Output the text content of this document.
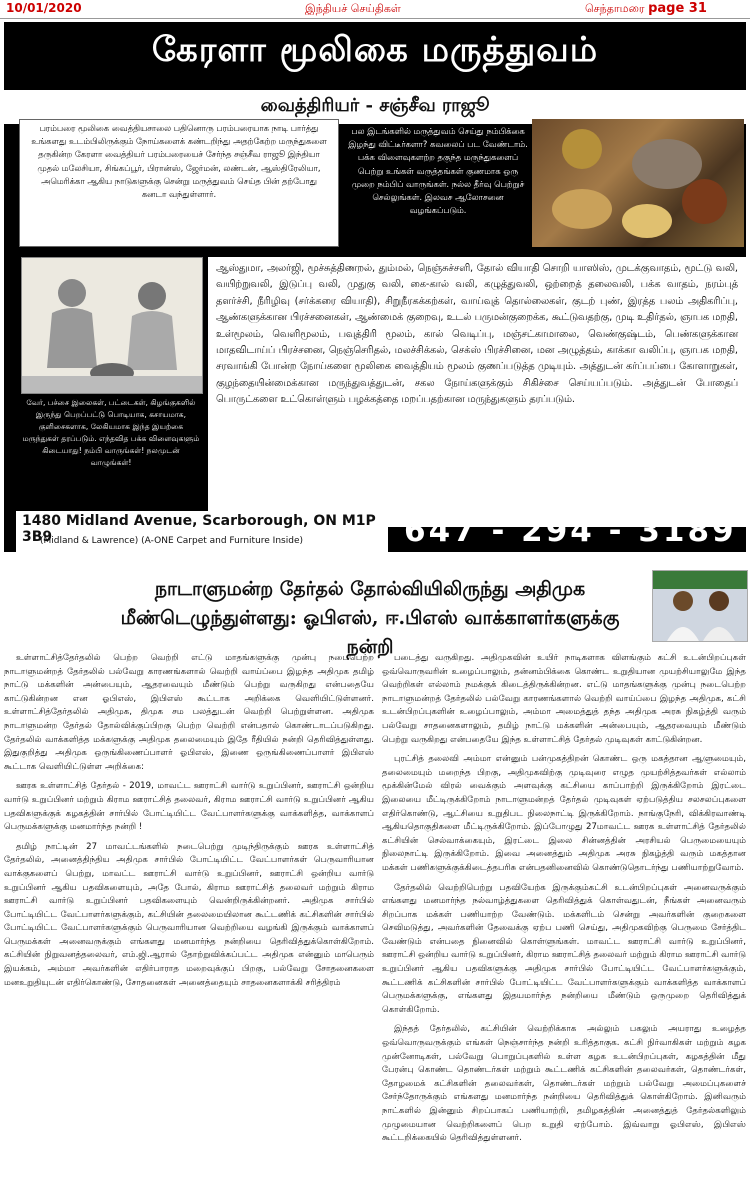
10/01/2020	இந்தியச் செய்திகள்	செந்தாமரை page 31
கேரளா மூலிகை மருத்துவம்
வைத்திரியர் - சஞ்சீவ ராஜூ
பரம்பரை மூலிகை வைத்தியசாலை பதினொரு பரம்பரையாக நாடி பார்த்து உங்களது உடம்பிலிருக்கும் நோய்களைக் கண்டறிந்து அதற்கேற்ற மருந்துகளை தருகின்ற கேரளா வைத்தியர் பரம்பரையைச் சேர்ந்த சஞ்சீவ ராஜூ இந்தியா முதல் மலேசியா, சிங்கப்பூர், பிரான்ஸ், ஜேர்மன், லண்டன், ஆஸ்திரேலியா, அமெரிக்கா ஆகிய நாடுகளுக்கு சென்று மருத்துவம் செய்த பின் தற்போது கனடா வந்துள்ளார்.
பல இடங்களில் மருத்துவம் செய்து நம்பிக்கை இழந்து விட்டீர்களா? கவலைப் பட வேண்டாம். பக்க விளைவுகளற்ற தகுந்த மருந்துகளைப் பெற்று உங்கள் வருத்தங்கள் குணமாக ஒரு முறை நம்பிப் வாருங்கள். நல்ல தீர்வு பெற்றுச் செல்லுங்கள். இலவச ஆலோசனை வழங்கப்படும்.
வேர், பச்சை இலைகள், பட்டைகள், கிழங்குகளில் இருந்து பெறப்பட்டு பொடியாக, கசாயமாக, குளிசைகளாக, லேகியமாக இந்த இயற்கை மருந்துகள் தரப்படும். எந்தவித பக்க விளைவுகளும் கிடையாது! நம்பி வாருங்கள்! நலமுடன் வாழுங்கள்!
ஆஸ்துமா, அலர்ஜி, மூச்சுத்திணறல், தும்மல், நெஞ்சுச்சளி, தோல் வியாதி சொறி யாஸிஸ், முடக்குவாதம், மூட்டு வலி, வயிற்றுவலி, இடுப்பு வலி, முதுகு வலி, கை-கால் வலி, கழுத்துவலி, ஒற்றைத் தலைவலி, பக்க வாதம், நரம்புத் தளர்ச்சி, நீரிழிவு (சர்க்கரை வியாதி), சிறுநீரகக்கற்கள், வாய்வுத் தொல்லைகள், குடற் புண், இரத்த பலம் அதிகரிப்பு, ஆண்களுக்கான பிரச்சனைகள், ஆண்மைக் குறைவு, உடல் பருமன்குறைக்க, கூட்டுவதற்கு, முடி உதிர்தல், ஞாபக மறதி, உள்மூலம், வெளிமூலம், பவுத்திரி மூலம், கால் வெடிப்பு, மஞ்சட்காமாலை, வெண்குஷ்டம், பெண்களுக்கான மாதவிடாய்ப் பிரச்சனை, நெஞ்செரிதல், மலச்சிக்கல், செக்ஸ் பிரச்சினை, மன அழுத்தம், காக்கா வலிப்பு, ஞாபக மறதி, சரவாங்கி போன்ற நோய்களை மூலிகை வைத்தியம் மூலம் குணப்படுத்த முடியும். அத்துடன் கர்ப்பப்பை கோளாறுகள், குழந்தையின்மைக்கான மருந்துவத்துடன், சகல நோய்களுக்கும் சிகிச்சை செய்யப்படும். அத்துடன் போதைப் பொருட்களை உட்கொள்ளும் பழக்கத்தை மறப்பதற்கான மருந்துகளும் தரப்படும்.
1480 Midland Avenue, Scarborough, ON M1P 3B9
(Midland & Lawrence) (A-ONE Carpet and Furniture Inside)	647 - 294 - 3189
நாடாளுமன்ற தேர்தல் தோல்வியிலிருந்து அதிமுக
மீண்டெழுந்துள்ளது: ஓபிஎஸ், ஈ.பிஎஸ் வாக்காளர்களுக்கு நன்றி

உள்ளாட்சித்தேர்தலில் பெற்ற வெற்றி எட்டு மாதங்களுக்கு முன்பு நடைபெற்ற நாடாளுமன்றத் தேர்தலில் பல்வேறு காரணங்களால் வெற்றி வாய்ப்பை இழந்த அதிமுக தமிழ் நாட்டு மக்களின் அன்பையும், ஆதரவையும் மீண்டும் பெற்று வருகிறது என்பதையே காட்டுகின்றன என ஓபிஎஸ், இபிஎஸ் கூட்டாக அறிக்கை வெளியிட்டுள்ளனர். உள்ளாட்சித்தேர்தலில் அதிமுக, திமுக சம பலத்துடன் வெற்றி பெற்றுள்ளன. அதிமுக நாடாளுமன்ற தேர்தல் தோல்விக்குப்பிறகு பெற்ற வெற்றி என்பதால் கொண்டாடப்படுகிறது. தேர்தலில் வாக்களித்த மக்களுக்கு அதிமுக தலைமையும் இதே ரீதியில் நன்றி தெரிவித்துள்ளது. இதுகுறித்து அதிமுக ஒருங்கிணைப்பாளர் ஓபிஎஸ், இணை ஒருங்கிணைப்பாளர் இபிஎஸ் கூட்டாக வெளியிட்டுள்ள அறிக்கை:

ஊரக உள்ளாட்சித் தேர்தல் - 2019, மாவட்ட ஊராட்சி வார்டு உறுப்பினர், ஊராட்சி ஒன்றிய வார்டு உறுப்பினர் மற்றும் கிராம ஊராட்சித் தலைவர், கிராம ஊராட்சி வார்டு உறுப்பினர் ஆகிய பதவிகளுக்குக் கழகத்தின் சார்பில் போட்டியிட்ட வேட்பாளர்களுக்கு வாக்களித்த, வாக்காளப் பெருமக்களுக்கு மனமார்ந்த நன்றி !

தமிழ் நாட்டின் 27 மாவட்டங்களில் நடைபெற்று முடிந்திருக்கும் ஊரக உள்ளாட்சித் தேர்தலில், அனைத்திந்திய அதிமுக சார்பில் போட்டியிட்ட வேட்பாளர்கள் பெருவாரியான வாக்குகளைப் பெற்று, மாவட்ட ஊராட்சி வார்டு உறுப்பினர், ஊராட்சி ஒன்றிய வார்டு உறுப்பினர் ஆகிய பதவிகளையும், அதே போல், கிராம ஊராட்சித் தலைவர் மற்றும் கிராம ஊராட்சி வார்டு உறுப்பினர் பதவிகளையும் வென்றிருக்கின்றனர். அதிமுக சார்பில் போட்டியிட்ட வேட்பாளர்களுக்கும், கட்சியின் தலைமையிலான கூட்டணிக் கட்சிகளின் சார்பில் போட்டியிட்ட வேட்பாளர்களுக்கும் பெருவாரியான வெற்றியை வழங்கி இருக்கும் வாக்காளப் பெருமக்கள் அனைவருக்கும் எங்களது மனமார்ந்த நன்றியை தெரிவித்துக்கொள்கிறோம். கட்சியின் நிறுவனத்தலைவர், எம்.ஜி.ஆரால் தோற்றுவிக்கப்பட்ட அதிமுக என்னும் மாபெரும் இயக்கம், அம்மா அவர்களின் எதிர்பாராத மறைவுக்குப் பிறகு, பல்வேறு சோதனைகளை மனஉறுதியுடன் எதிர்கொண்டு, சோதனைகள் அனைத்தையும் சாதனைகளாக்கி சரித்திரம்

படைத்து வருகிறது. அதிமுகவின் உயிர் நாடிகளாக விளங்கும் கட்சி உடன்பிறப்புகள் ஒவ்வொருவரின் உழைப்பாலும், தன்னம்பிக்கை கொண்ட உறுதியான முயற்சியாலுமே இந்த வெற்றிகள் எல்லாம் நமக்குக் கிடைத்திருக்கின்றன. எட்டு மாதங்களுக்கு முன்பு நடைபெற்ற நாடாளுமன்றத் தேர்தலில் பல்வேறு காரணங்களால் வெற்றி வாய்ப்பை இழந்த அதிமுக, கட்சி உடன்பிறப்புகளின் உழைப்பாலும், அம்மா அமைத்துத் தந்த அதிமுக அரசு நிகழ்த்தி வரும் பல்வேறு சாதனைகளாலும், தமிழ் நாட்டு மக்களின் அன்பையும், ஆதரவையும் மீண்டும் பெற்று வருகிறது என்பதையே இந்த உள்ளாட்சித் தேர்தல் முடிவுகள் காட்டுகின்றன.

புரட்சித் தலைவி அம்மா என்னும் பன்முகத்திறன் கொண்ட ஒரு மகத்தான ஆளுமையும், தலைமையும் மறைந்த பிறகு, அதிமுகவிற்கு முடிவுரை எழுத முயற்சித்தவர்கள் எல்லாம் மூக்கின்மேல் விரல் வைக்கும் அளவுக்கு கட்சியை காப்பாற்றி இருக்கிறோம் இரட்டை இலையை மீட்டிருக்கிறோம் நாடாளுமன்றத் தேர்தல் முடிவுகள் ஏற்படுத்திய சலசலப்புகளை எதிர்கொண்டு, ஆட்சியை உறுதிபட நிலைநாட்டி இருக்கிறோம். நாங்குநேரி, விக்கிரவாண்டி ஆகியதொகுதிகளை மீட்டிருக்கிறோம். இப்போழுது 27மாவட்ட ஊரக உள்ளாட்சித் தேர்தலில் கட்சியின் செல்வாக்கையும், இரட்டை இலை சின்னத்தின் அரசியல் பெருமையையும் நிலைநாட்டி இருக்கிறோம். இவை அனைத்தும் அதிமுக அரசு நிகழ்த்தி வரும் மகத்தான மக்கள் பணிகளுக்குக்கிடைத்தபரிசு என்பதனினைவில் கொண்டுதொடர்ந்து பணியாற்றுவோம்.

தேர்தலில் வெற்றிபெற்று பதவியேற்க இருக்கும்கட்சி உடன்பிறப்புகள் அனைவருக்கும் எங்களது மனமார்ந்த நல்வாழ்த்துகளை தெரிவித்துக் கொள்வதுடன், நீங்கள் அனைவரும் சிறப்பாக மக்கள் பணியாற்ற வேண்டும். மக்களிடம் சென்று அவர்களின் குறைகளை செவிமடுத்து, அவர்களின் தேவைக்கு ஏற்ப பணி செய்து, அதிமுகவிற்கு பெருமை சேர்த்திட வேண்டும் என்பதை நினைவில் கொள்ளுங்கள். மாவட்ட ஊராட்சி வார்டு உறுப்பினர், ஊராட்சி ஒன்றிய வார்டு உறுப்பினர், கிராம ஊராட்சித் தலைவர் மற்றும் கிராம ஊராட்சி வார்டு உறுப்பினர் ஆகிய பதவிகளுக்கு அதிமுக சார்பில் போட்டியிட்ட வேட்பாளர்களுக்கும், கூட்டணிக் கட்சிகளின் சார்பில் போட்டியிட்ட வேட்பாளர்களுக்கும் வாக்களித்த வாக்காளப் பெருமக்களுக்கு, எங்களது இதயமார்ந்த நன்றியை மீண்டும் ஒருமுறை தெரிவித்துக் கொள்கிறோம்.

இந்தத் தேர்தலில், கட்சியின் வெற்றிக்காக அல்லும் பகலும் அயராது உழைத்த ஒவ்வொருவருக்கும் எங்கள் நெஞ்சார்ந்த நன்றி உரித்தாகுக. கட்சி நிர்வாகிகள் மற்றும் கழக முன்னோடிகள், பல்வேறு பொறுப்புகளில் உள்ள கழக உடன்பிறப்புகள், கழகத்தின் மீது பேரன்பு கொண்ட தொண்டர்கள் மற்றும் கூட்டணிக் கட்சிகளின் தலைவர்கள், தொண்டர்கள், தோழமைக் கட்சிகளின் தலைவர்கள், தொண்டர்கள் மற்றும் பல்வேறு அமைப்புகளைச் சேர்ந்தோருக்கும் எங்களது மனமார்ந்த நன்றியை தெரிவித்துக் கொள்கிறோம். இனிவரும் நாட்களில் இன்னும் சிறப்பாகப் பணியாற்றி, தமிழகத்தின் அனைத்துத் தேர்தல்களிலும் முழுமையான வெற்றிகளைப் பெற உறுதி ஏற்போம். இவ்வாறு ஓபிஎஸ், இபிஎஸ் கூட்டறிக்கையில் தெரிவித்துள்ளனர்.
